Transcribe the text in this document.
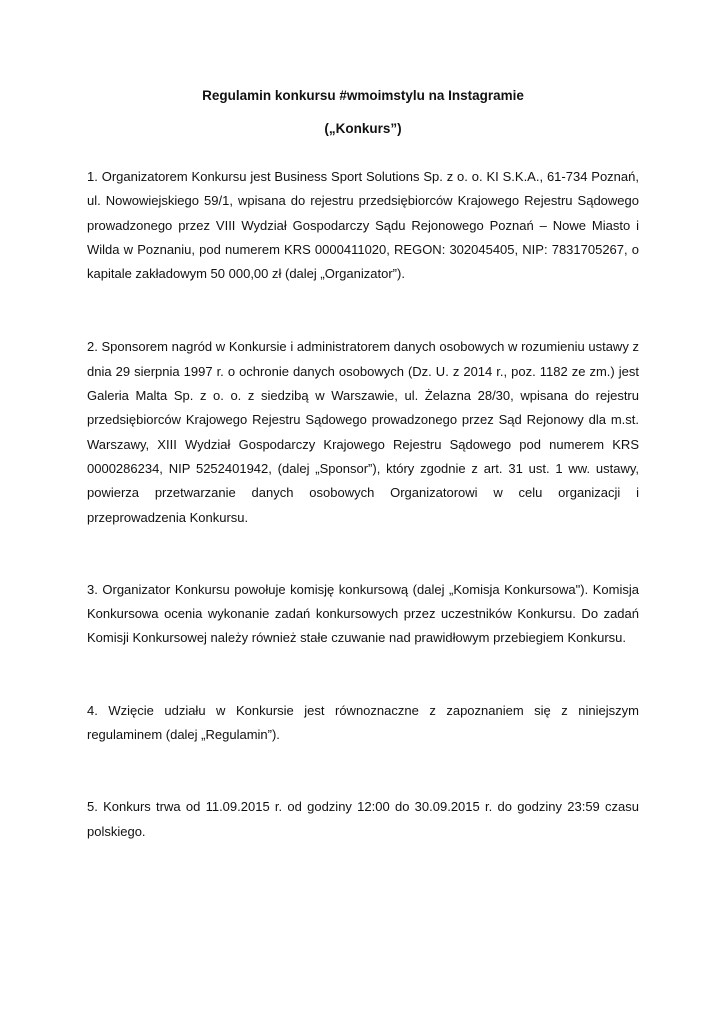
Regulamin konkursu #wmoimstylu na Instagramie
(„Konkurs”)

1. Organizatorem Konkursu jest Business Sport Solutions Sp. z o. o. KI S.K.A., 61-734 Poznań, ul. Nowowiejskiego 59/1, wpisana do rejestru przedsiębiorców Krajowego Rejestru Sądowego prowadzonego przez VIII Wydział Gospodarczy Sądu Rejonowego Poznań – Nowe Miasto i Wilda w Poznaniu, pod numerem KRS 0000411020, REGON: 302045405, NIP: 7831705267, o kapitale zakładowym 50 000,00 zł (dalej „Organizator”).

2. Sponsorem nagród w Konkursie i administratorem danych osobowych w rozumieniu ustawy z dnia 29 sierpnia 1997 r. o ochronie danych osobowych (Dz. U. z 2014 r., poz. 1182 ze zm.) jest Galeria Malta Sp. z o. o. z siedzibą w Warszawie, ul. Żelazna 28/30, wpisana do rejestru przedsiębiorców Krajowego Rejestru Sądowego prowadzonego przez Sąd Rejonowy dla m.st. Warszawy, XIII Wydział Gospodarczy Krajowego Rejestru Sądowego pod numerem KRS 0000286234, NIP 5252401942, (dalej „Sponsor”), który zgodnie z art. 31 ust. 1 ww. ustawy, powierza przetwarzanie danych osobowych Organizatorowi w celu organizacji i przeprowadzenia Konkursu.

3. Organizator Konkursu powołuje komisję konkursową (dalej „Komisja Konkursowa"). Komisja Konkursowa ocenia wykonanie zadań konkursowych przez uczestników Konkursu. Do zadań Komisji Konkursowej należy również stałe czuwanie nad prawidłowym przebiegiem Konkursu.

4. Wzięcie udziału w Konkursie jest równoznaczne z zapoznaniem się z niniejszym regulaminem (dalej „Regulamin”).

5. Konkurs trwa od 11.09.2015 r. od godziny 12:00 do 30.09.2015 r. do godziny 23:59 czasu polskiego.
